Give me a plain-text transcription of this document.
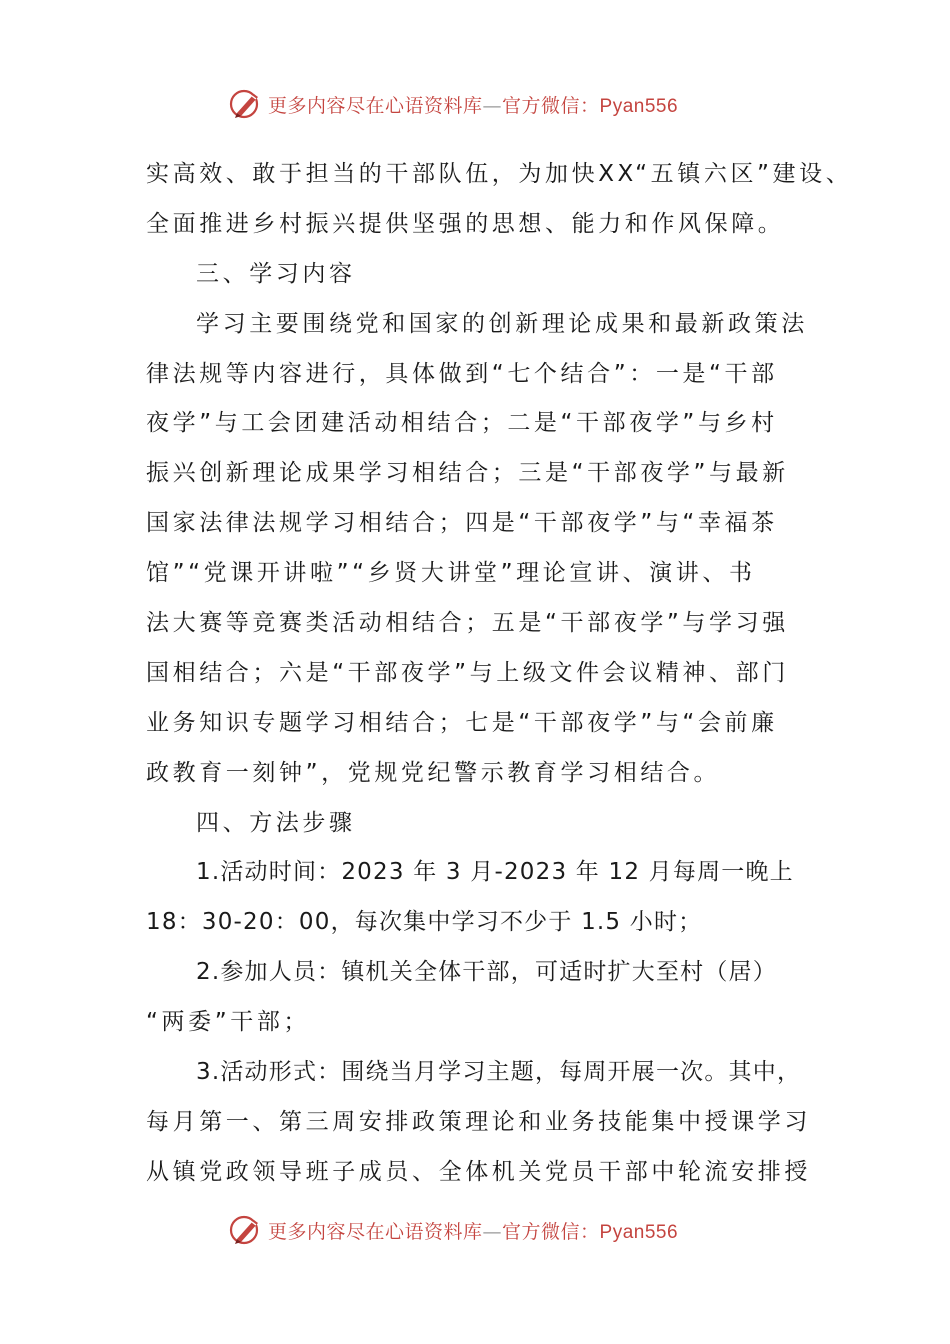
更多内容尽在心语资料库—官方微信：Pyan556
实高效、敢于担当的干部队伍，为加快XX“五镇六区”建设、
全面推进乡村振兴提供坚强的思想、能力和作风保障。
三、学习内容
学习主要围绕党和国家的创新理论成果和最新政策法
律法规等内容进行，具体做到“七个结合”：一是“干部
夜学”与工会团建活动相结合；二是“干部夜学”与乡村
振兴创新理论成果学习相结合；三是“干部夜学”与最新
国家法律法规学习相结合；四是“干部夜学”与“幸福茶
馆”“党课开讲啦”“乡贤大讲堂”理论宣讲、演讲、书
法大赛等竞赛类活动相结合；五是“干部夜学”与学习强
国相结合；六是“干部夜学”与上级文件会议精神、部门
业务知识专题学习相结合；七是“干部夜学”与“会前廉
政教育一刻钟”，党规党纪警示教育学习相结合。
四、方法步骤
1.活动时间：2023 年 3 月-2023 年 12 月每周一晚上
18：30-20：00，每次集中学习不少于 1.5 小时；
2.参加人员：镇机关全体干部，可适时扩大至村（居）
“两委”干部；
3.活动形式：围绕当月学习主题，每周开展一次。其中，
每月第一、第三周安排政策理论和业务技能集中授课学习
从镇党政领导班子成员、全体机关党员干部中轮流安排授
更多内容尽在心语资料库—官方微信：Pyan556
